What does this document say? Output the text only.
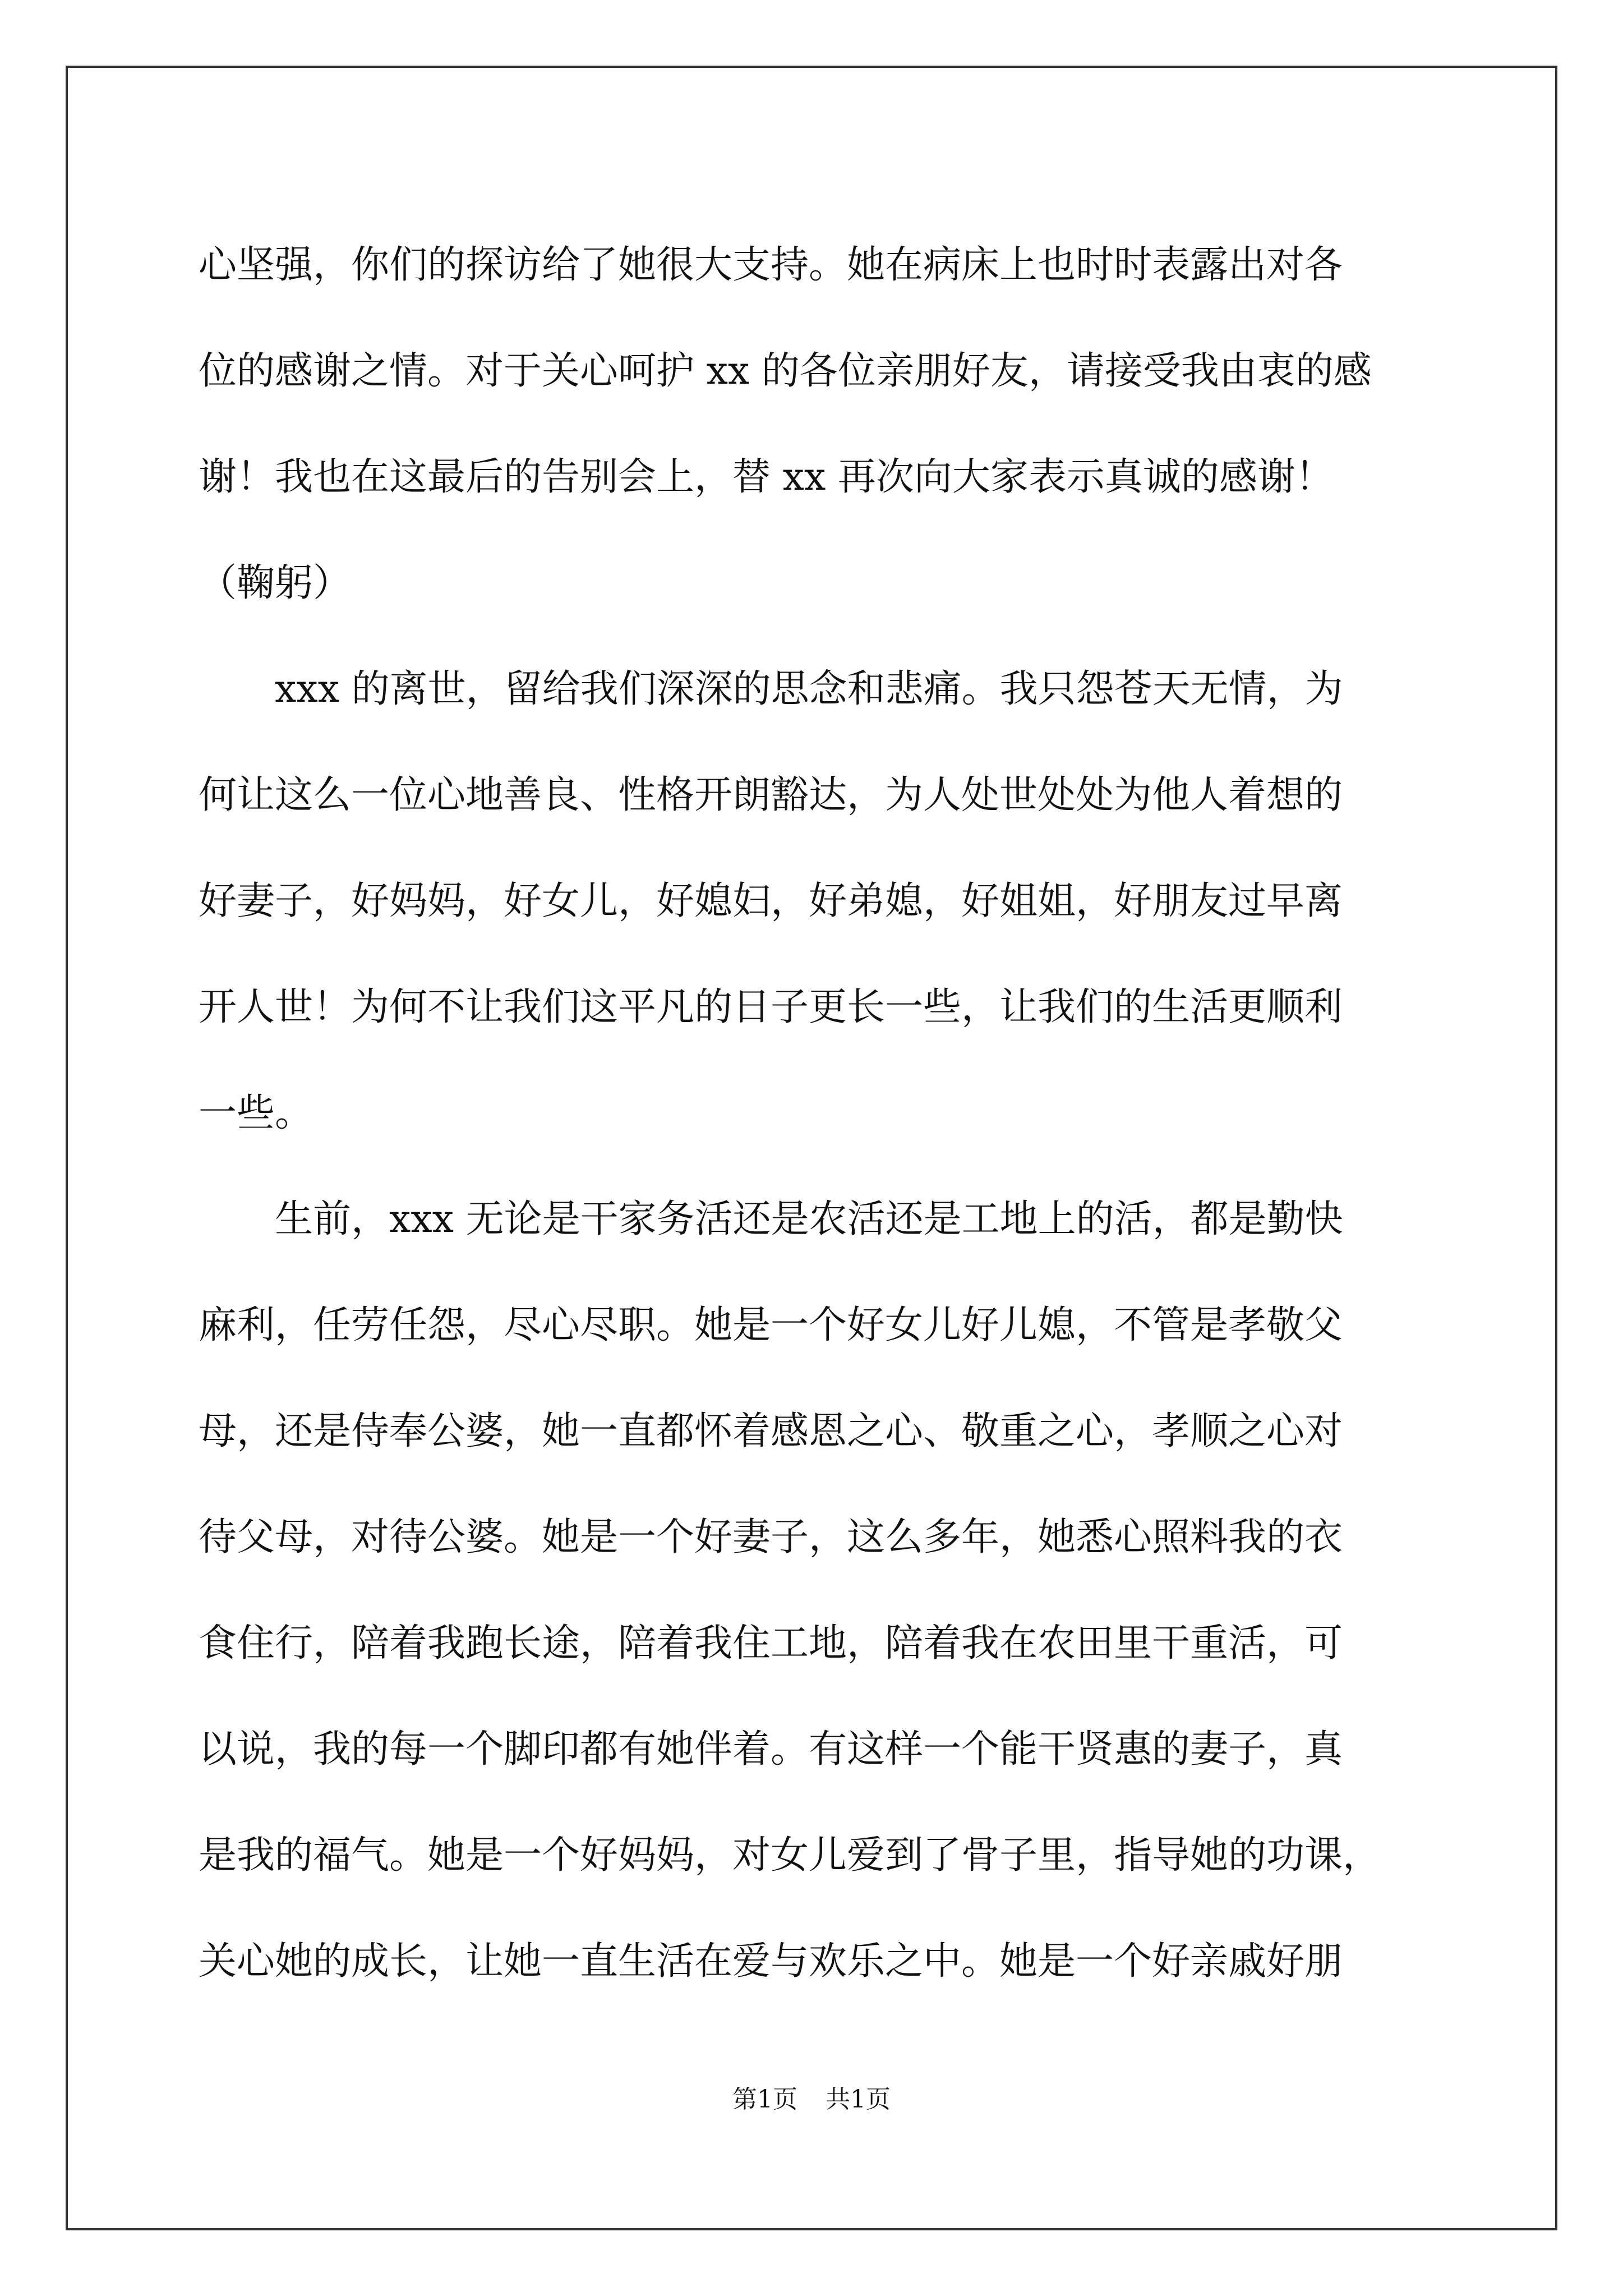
心坚强，你们的探访给了她很大支持。她在病床上也时时表露出对各
位的感谢之情。对于关心呵护 xx 的各位亲朋好友，请接受我由衷的感
谢！我也在这最后的告别会上，替 xx 再次向大家表示真诚的感谢！
（鞠躬）
xxx 的离世，留给我们深深的思念和悲痛。我只怨苍天无情，为
何让这么一位心地善良、性格开朗豁达，为人处世处处为他人着想的
好妻子，好妈妈，好女儿，好媳妇，好弟媳，好姐姐，好朋友过早离
开人世！为何不让我们这平凡的日子更长一些，让我们的生活更顺利
一些。
生前，xxx 无论是干家务活还是农活还是工地上的活，都是勤快
麻利，任劳任怨，尽心尽职。她是一个好女儿好儿媳，不管是孝敬父
母，还是侍奉公婆，她一直都怀着感恩之心、敬重之心，孝顺之心对
待父母，对待公婆。她是一个好妻子，这么多年，她悉心照料我的衣
食住行，陪着我跑长途，陪着我住工地，陪着我在农田里干重活，可
以说，我的每一个脚印都有她伴着。有这样一个能干贤惠的妻子，真
是我的福气。她是一个好妈妈，对女儿爱到了骨子里，指导她的功课，
关心她的成长，让她一直生活在爱与欢乐之中。她是一个好亲戚好朋
第1页 共1页
